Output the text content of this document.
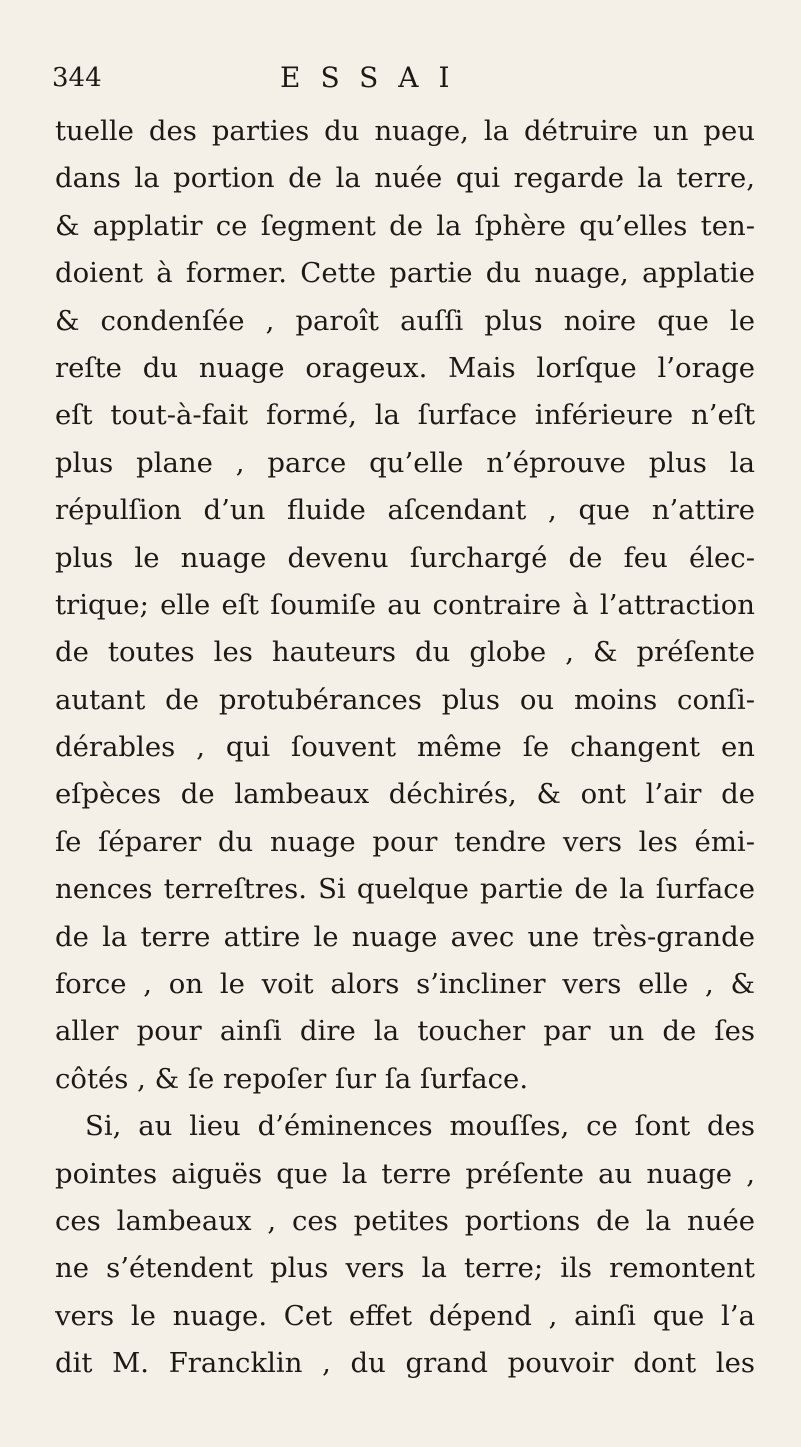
344	ESSAI
tuelle des parties du nuage, la détruire un peu
dans la portion de la nuée qui regarde la terre,
& applatir ce ſegment de la ſphère qu’elles ten-
doient à former. Cette partie du nuage, applatie
& condenſée , paroît auſſi plus noire que le
reſte du nuage orageux. Mais lorſque l’orage
eſt tout-à-fait formé, la ſurface inférieure n’eſt
plus plane , parce qu’elle n’éprouve plus la
répulſion d’un fluide aſcendant , que n’attire
plus le nuage devenu ſurchargé de feu élec-
trique; elle eſt ſoumiſe au contraire à l’attraction
de toutes les hauteurs du globe , & préſente
autant de protubérances plus ou moins conſi-
dérables , qui ſouvent même ſe changent en
eſpèces de lambeaux déchirés, & ont l’air de
ſe ſéparer du nuage pour tendre vers les émi-
nences terreſtres. Si quelque partie de la ſurface
de la terre attire le nuage avec une très-grande
force , on le voit alors s’incliner vers elle , &
aller pour ainſi dire la toucher par un de ſes
côtés , & ſe repoſer ſur ſa ſurface.
Si, au lieu d’éminences mouſſes, ce ſont des
pointes aiguës que la terre préſente au nuage ,
ces lambeaux , ces petites portions de la nuée
ne s’étendent plus vers la terre; ils remontent
vers le nuage. Cet effet dépend , ainſi que l’a
dit M. Francklin , du grand pouvoir dont les
